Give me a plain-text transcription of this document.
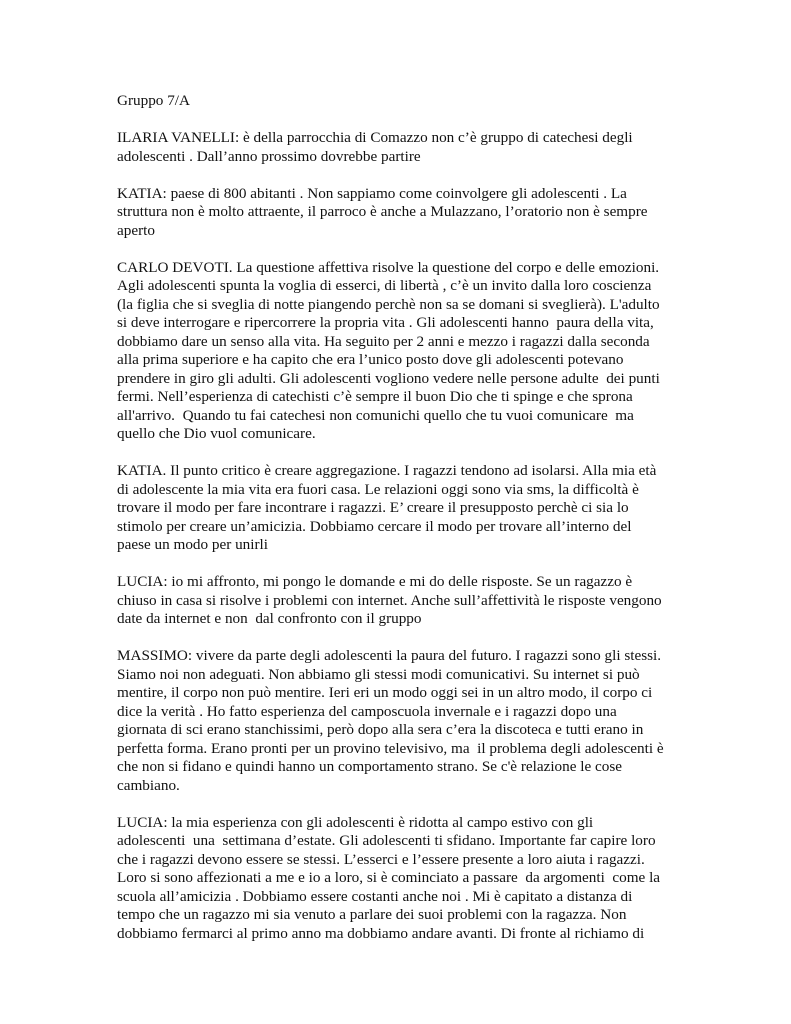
Gruppo 7/A
ILARIA VANELLI: è della parrocchia di Comazzo non c’è gruppo di catechesi degli
adolescenti . Dall’anno prossimo dovrebbe partire
KATIA: paese di 800 abitanti . Non sappiamo come coinvolgere gli adolescenti . La
struttura non è molto attraente, il parroco è anche a Mulazzano, l’oratorio non è sempre
aperto
CARLO DEVOTI. La questione affettiva risolve la questione del corpo e delle emozioni.
Agli adolescenti spunta la voglia di esserci, di libertà , c’è un invito dalla loro coscienza
(la figlia che si sveglia di notte piangendo perchè non sa se domani si sveglierà). L'adulto
si deve interrogare e ripercorrere la propria vita . Gli adolescenti hanno  paura della vita,
dobbiamo dare un senso alla vita. Ha seguito per 2 anni e mezzo i ragazzi dalla seconda
alla prima superiore e ha capito che era l’unico posto dove gli adolescenti potevano
prendere in giro gli adulti. Gli adolescenti vogliono vedere nelle persone adulte  dei punti
fermi. Nell’esperienza di catechisti c’è sempre il buon Dio che ti spinge e che sprona
all'arrivo.  Quando tu fai catechesi non comunichi quello che tu vuoi comunicare  ma
quello che Dio vuol comunicare.
KATIA. Il punto critico è creare aggregazione. I ragazzi tendono ad isolarsi. Alla mia età
di adolescente la mia vita era fuori casa. Le relazioni oggi sono via sms, la difficoltà è
trovare il modo per fare incontrare i ragazzi. E’ creare il presupposto perchè ci sia lo
stimolo per creare un’amicizia. Dobbiamo cercare il modo per trovare all’interno del
paese un modo per unirli
LUCIA: io mi affronto, mi pongo le domande e mi do delle risposte. Se un ragazzo è
chiuso in casa si risolve i problemi con internet. Anche sull’affettività le risposte vengono
date da internet e non  dal confronto con il gruppo
MASSIMO: vivere da parte degli adolescenti la paura del futuro. I ragazzi sono gli stessi.
Siamo noi non adeguati. Non abbiamo gli stessi modi comunicativi. Su internet si può
mentire, il corpo non può mentire. Ieri eri un modo oggi sei in un altro modo, il corpo ci
dice la verità . Ho fatto esperienza del camposcuola invernale e i ragazzi dopo una
giornata di sci erano stanchissimi, però dopo alla sera c’era la discoteca e tutti erano in
perfetta forma. Erano pronti per un provino televisivo, ma  il problema degli adolescenti è
che non si fidano e quindi hanno un comportamento strano. Se c'è relazione le cose
cambiano.
LUCIA: la mia esperienza con gli adolescenti è ridotta al campo estivo con gli
adolescenti  una  settimana d’estate. Gli adolescenti ti sfidano. Importante far capire loro
che i ragazzi devono essere se stessi. L’esserci e l’essere presente a loro aiuta i ragazzi.
Loro si sono affezionati a me e io a loro, si è cominciato a passare  da argomenti  come la
scuola all’amicizia . Dobbiamo essere costanti anche noi . Mi è capitato a distanza di
tempo che un ragazzo mi sia venuto a parlare dei suoi problemi con la ragazza. Non
dobbiamo fermarci al primo anno ma dobbiamo andare avanti. Di fronte al richiamo di
